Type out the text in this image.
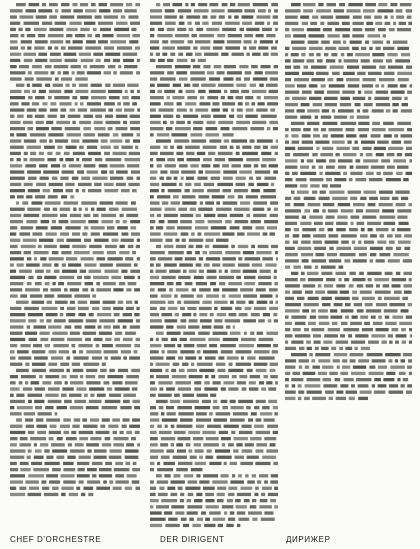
CHEF D'ORCHESTRE	DER DIRIGENT	ДИРИЖЕР
